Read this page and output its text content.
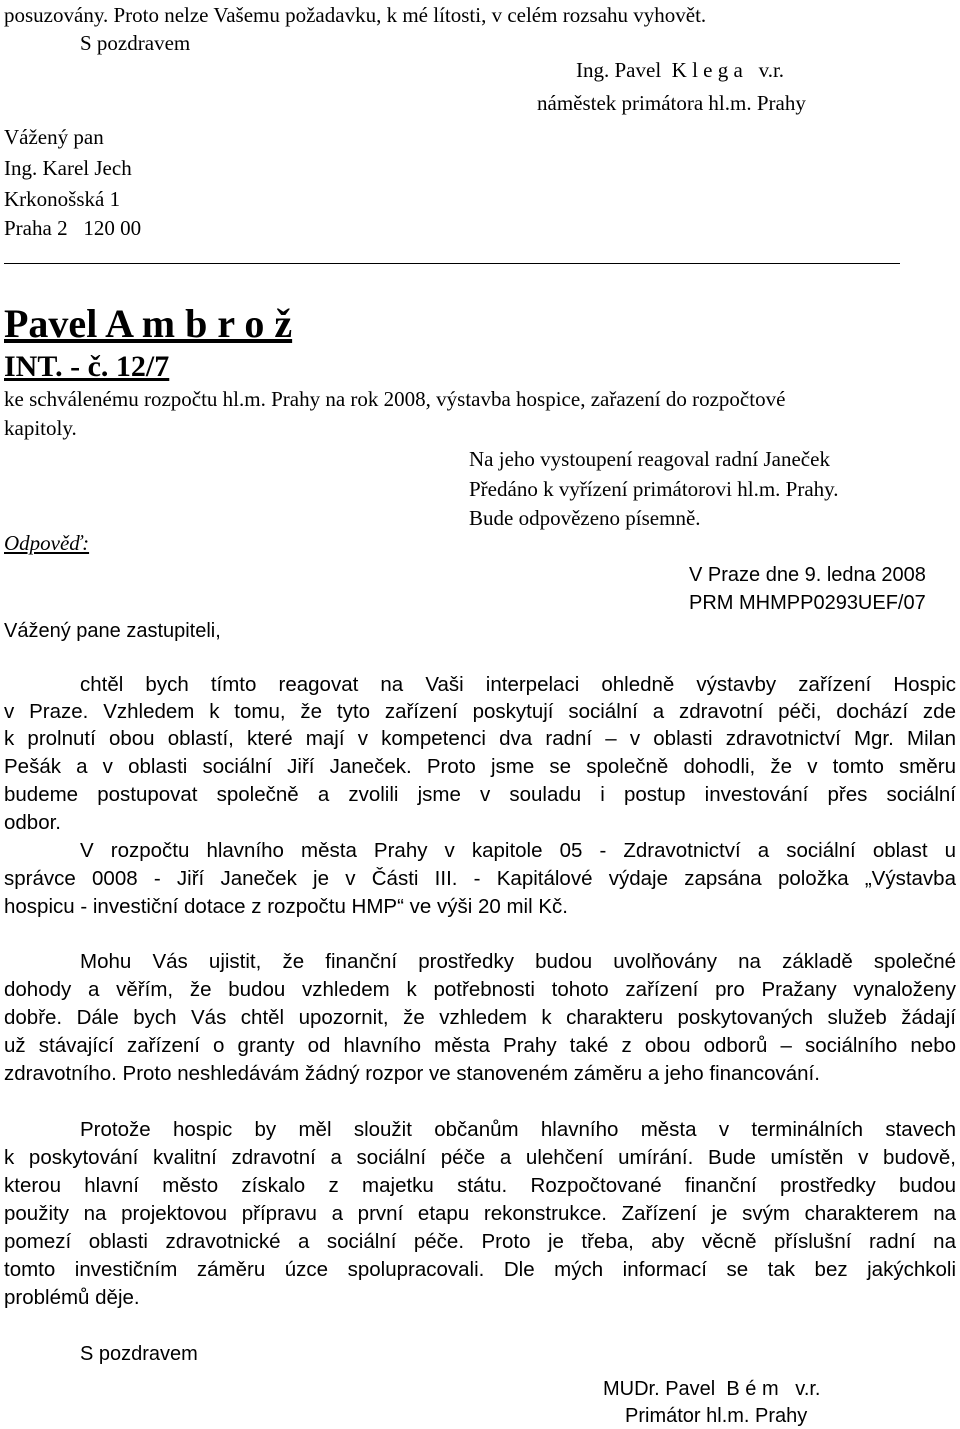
posuzovány. Proto nelze Vašemu požadavku, k mé lítosti, v celém rozsahu vyhovět.
S pozdravem
Ing. Pavel K l e g a v.r.
náměstek primátora hl.m. Prahy
Vážený pan
Ing. Karel Jech
Krkonošská 1
Praha 2   120 00
Pavel A m b r o ž
INT. - č. 12/7
ke schválenému rozpočtu hl.m. Prahy na rok 2008, výstavba hospice, zařazení do rozpočtové
kapitoly.
Na jeho vystoupení reagoval radní Janeček
Předáno k vyřízení primátorovi hl.m. Prahy.
Bude odpovězeno písemně.
Odpověď:
V Praze dne 9. ledna 2008
PRM MHMPP0293UEF/07
Vážený pane zastupiteli,
chtěl bych tímto reagovat na Vaši interpelaci ohledně výstavby zařízení Hospic
v Praze. Vzhledem k tomu, že tyto zařízení poskytují sociální a zdravotní péči, dochází zde
k prolnutí obou oblastí, které mají v kompetenci dva radní – v oblasti zdravotnictví Mgr. Milan
Pešák a v oblasti sociální Jiří Janeček. Proto jsme se společně dohodli, že v tomto směru
budeme postupovat společně a zvolili jsme v souladu i postup investování přes sociální
odbor.
V rozpočtu hlavního města Prahy v kapitole 05 - Zdravotnictví a sociální oblast u
správce 0008 - Jiří Janeček je v Části III. - Kapitálové výdaje zapsána položka „Výstavba
hospicu - investiční dotace z rozpočtu HMP“ ve výši 20 mil Kč.
Mohu Vás ujistit, že finanční prostředky budou uvolňovány na základě společné
dohody a věřím, že budou vzhledem k potřebnosti tohoto zařízení pro Pražany vynaloženy
dobře. Dále bych Vás chtěl upozornit, že vzhledem k charakteru poskytovaných služeb žádají
už stávající zařízení o granty od hlavního města Prahy také z obou odborů – sociálního nebo
zdravotního. Proto neshledávám žádný rozpor ve stanoveném záměru a jeho financování.
Protože hospic by měl sloužit občanům hlavního města v terminálních stavech
k poskytování kvalitní zdravotní a sociální péče a ulehčení umírání. Bude umístěn v budově,
kterou hlavní město získalo z majetku státu. Rozpočtované finanční prostředky budou
použity na projektovou přípravu a první etapu rekonstrukce. Zařízení je svým charakterem na
pomezí oblasti zdravotnické a sociální péče. Proto je třeba, aby věcně příslušní radní na
tomto investičním záměru úzce spolupracovali. Dle mých informací se tak bez jakýchkoli
problémů děje.
S pozdravem
MUDr. Pavel B é m v.r.
Primátor hl.m. Prahy
